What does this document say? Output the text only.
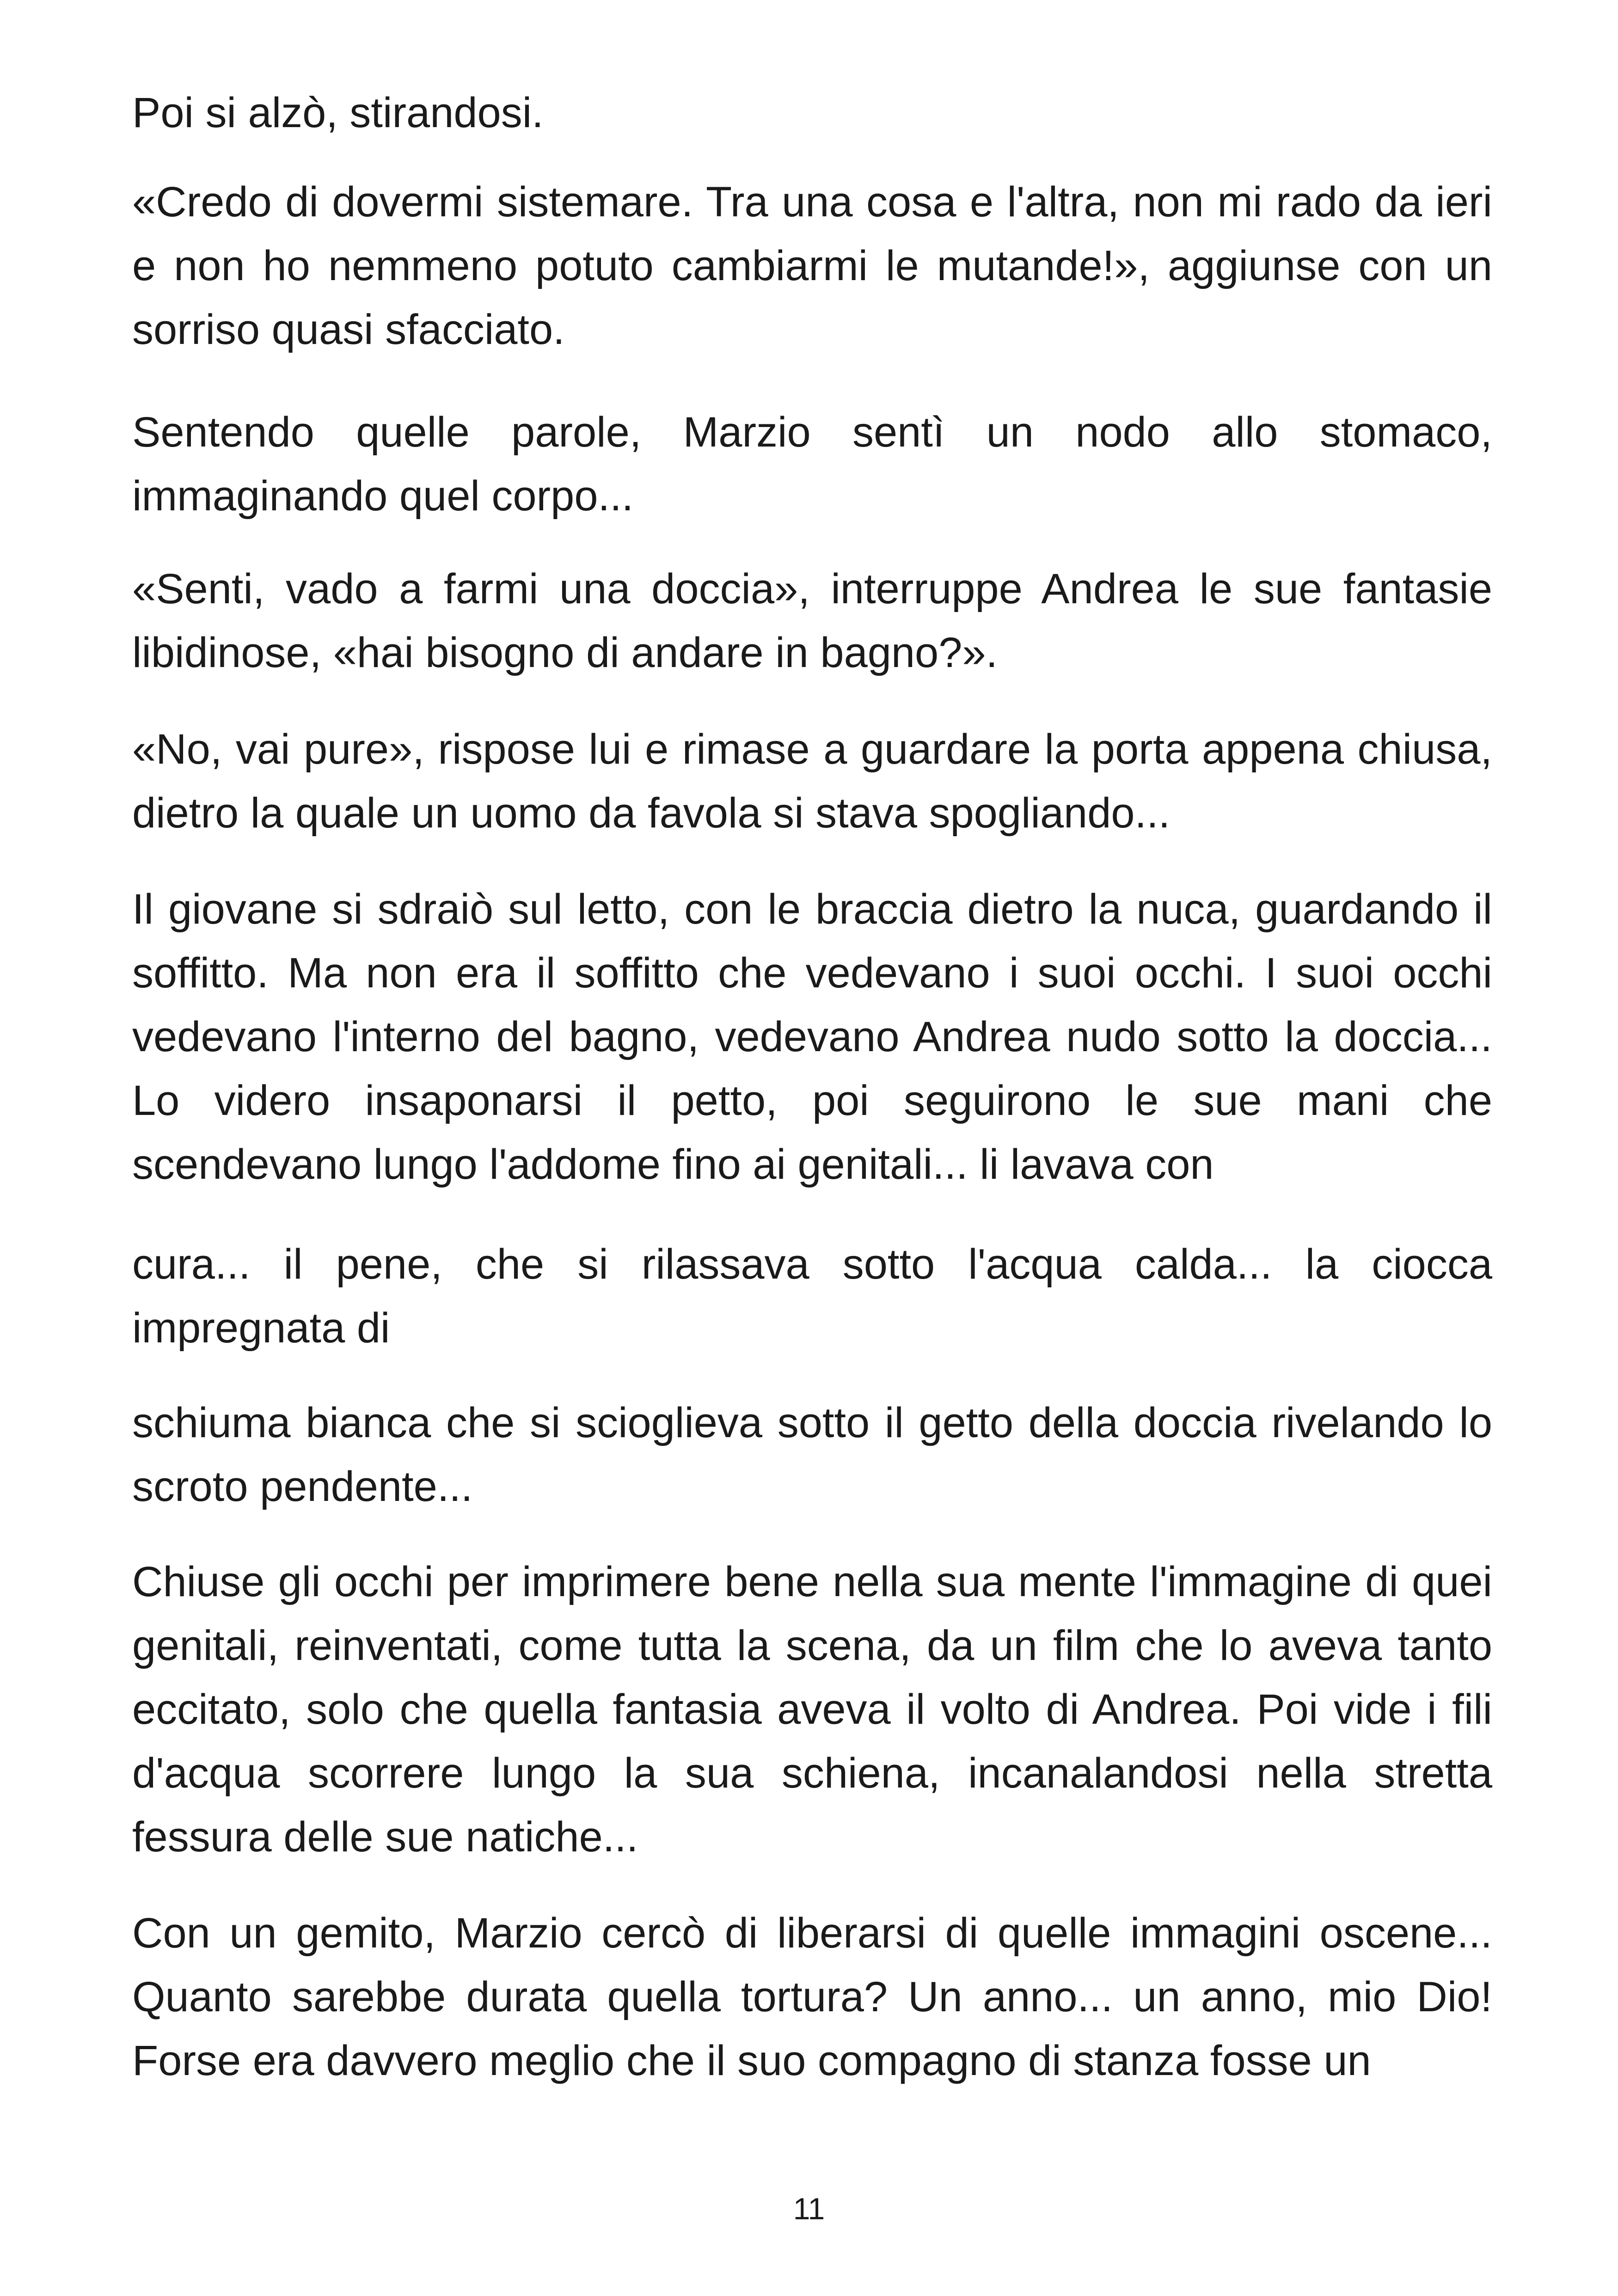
Poi si alzò, stirandosi.

«Credo di dovermi sistemare. Tra una cosa e l'altra, non mi rado da ieri e non ho nemmeno potuto cambiarmi le mutande!», aggiunse con un sorriso quasi sfacciato.

Sentendo quelle parole, Marzio sentì un nodo allo stomaco, immaginando quel corpo...

«Senti, vado a farmi una doccia», interruppe Andrea le sue fantasie libidinose, «hai bisogno di andare in bagno?».

«No, vai pure», rispose lui e rimase a guardare la porta appena chiusa, dietro la quale un uomo da favola si stava spogliando...

Il giovane si sdraiò sul letto, con le braccia dietro la nuca, guardando il soffitto. Ma non era il soffitto che vedevano i suoi occhi. I suoi occhi vedevano l'interno del bagno, vedevano Andrea nudo sotto la doccia... Lo videro insaponarsi il petto, poi seguirono le sue mani che scendevano lungo l'addome fino ai genitali... li lavava con

cura... il pene, che si rilassava sotto l'acqua calda... la ciocca impregnata di

schiuma bianca che si scioglieva sotto il getto della doccia rivelando lo scroto pendente...

Chiuse gli occhi per imprimere bene nella sua mente l'immagine di quei genitali, reinventati, come tutta la scena, da un film che lo aveva tanto eccitato, solo che quella fantasia aveva il volto di Andrea. Poi vide i fili d'acqua scorrere lungo la sua schiena, incanalandosi nella stretta fessura delle sue natiche...

Con un gemito, Marzio cercò di liberarsi di quelle immagini oscene... Quanto sarebbe durata quella tortura? Un anno... un anno, mio Dio! Forse era davvero meglio che il suo compagno di stanza fosse un

11
